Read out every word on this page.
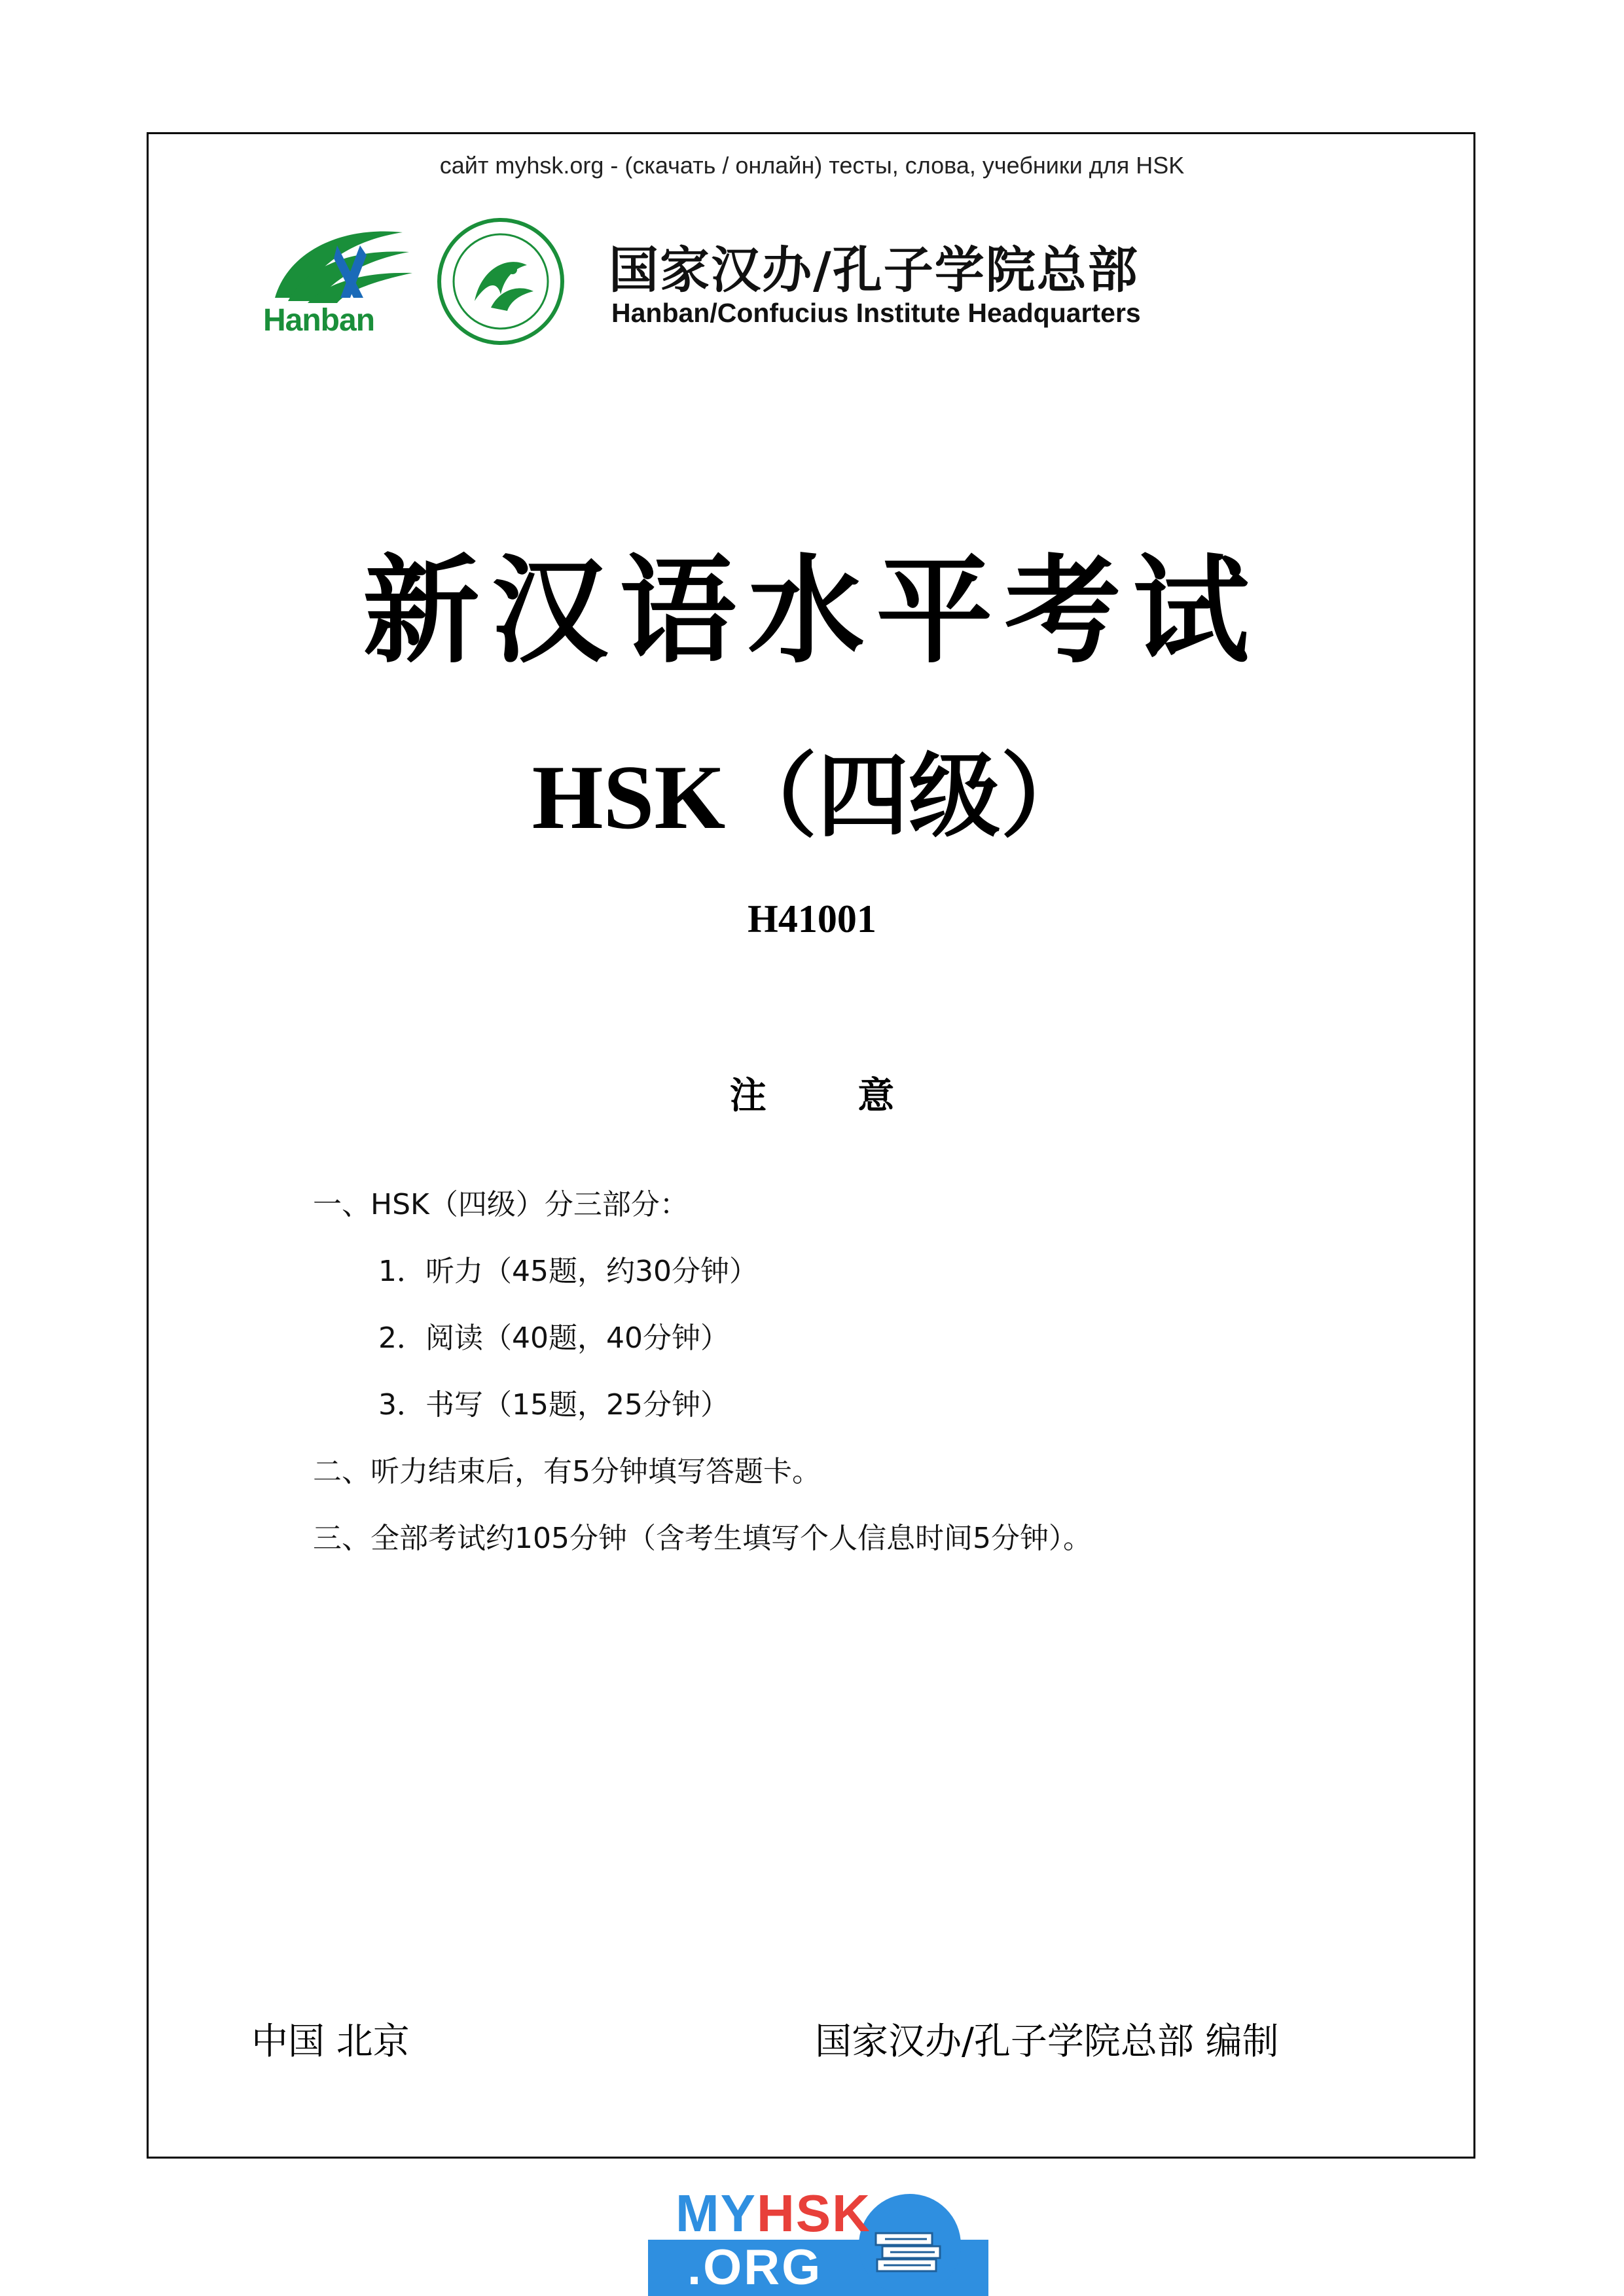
сайт myhsk.org - (скачать / онлайн) тесты, слова, учебники для HSK
Hanban
国家汉办/孔子学院总部
Hanban/Confucius Institute Headquarters
新汉语水平考试
HSK（四级）
H41001
注 意
一、HSK（四级）分三部分：
1．听力（45题，约30分钟）
2．阅读（40题，40分钟）
3．书写（15题，25分钟）
二、听力结束后，有5分钟填写答题卡。
三、全部考试约105分钟（含考生填写个人信息时间5分钟）。
中国 北京	国家汉办/孔子学院总部 编制
MYHSK
.ORG
